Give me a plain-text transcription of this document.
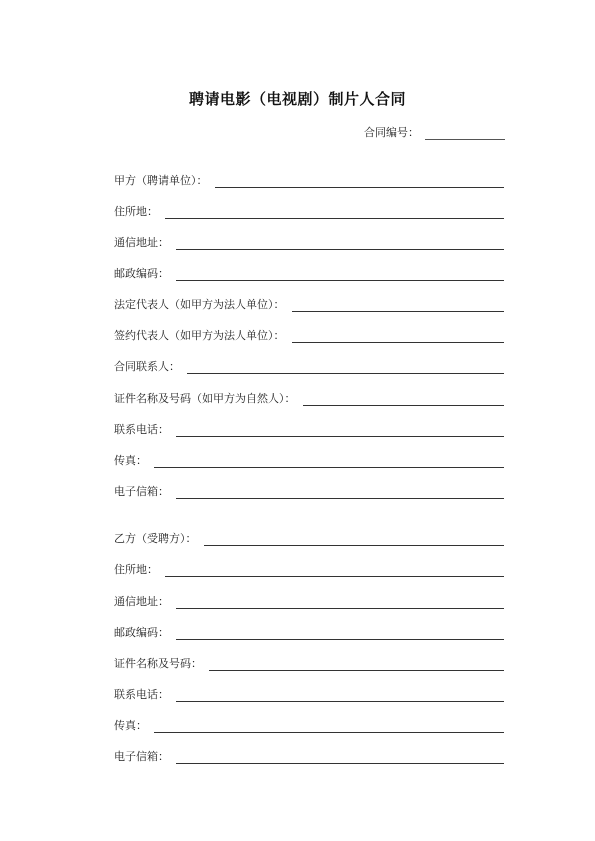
聘请电影（电视剧）制片人合同
合同编号：
甲方（聘请单位）：
住所地：
通信地址：
邮政编码：
法定代表人（如甲方为法人单位）：
签约代表人（如甲方为法人单位）：
合同联系人：
证件名称及号码（如甲方为自然人）：
联系电话：
传真：
电子信箱：
乙方（受聘方）：
住所地：
通信地址：
邮政编码：
证件名称及号码：
联系电话：
传真：
电子信箱：
